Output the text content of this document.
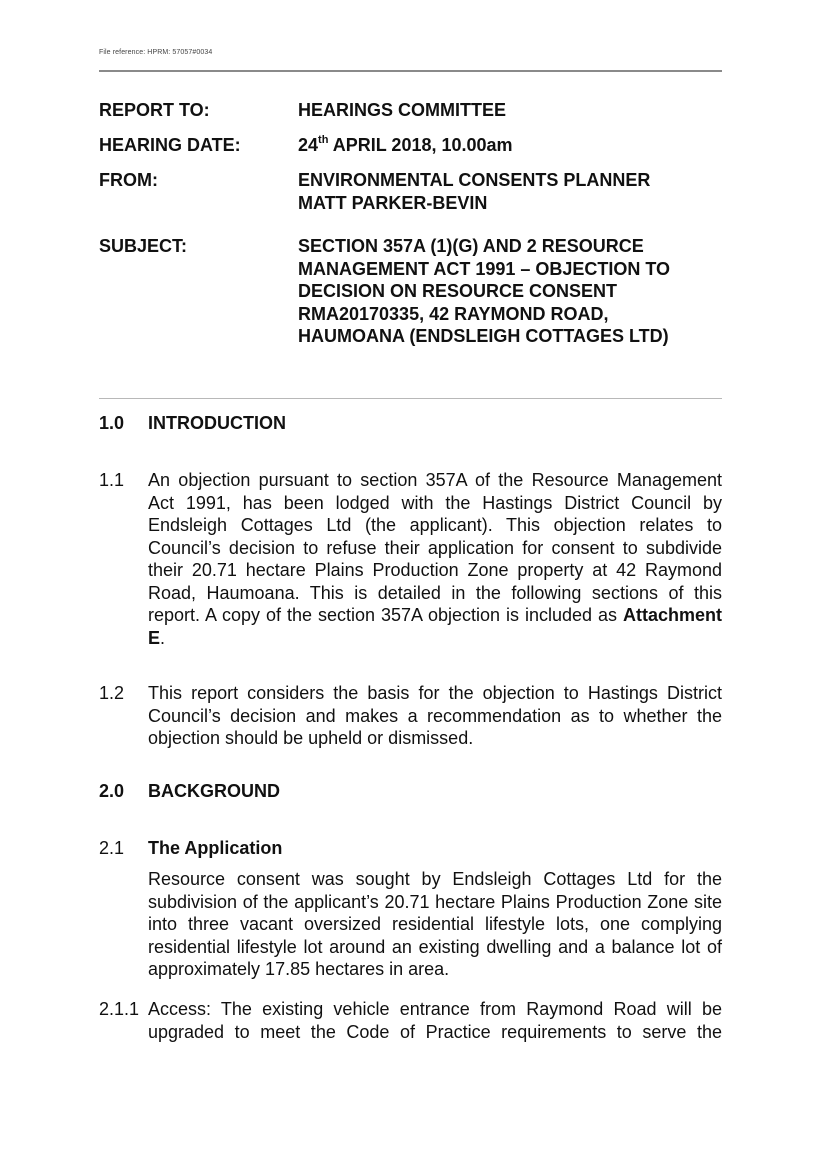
File reference: HPRM: 57057#0034
REPORT TO:	HEARINGS COMMITTEE
HEARING DATE:	24th APRIL 2018, 10.00am
FROM:	ENVIRONMENTAL CONSENTS PLANNER
MATT PARKER-BEVIN
SUBJECT:	SECTION 357A (1)(G) AND 2 RESOURCE MANAGEMENT ACT 1991 – OBJECTION TO DECISION ON RESOURCE CONSENT RMA20170335, 42 RAYMOND ROAD, HAUMOANA (ENDSLEIGH COTTAGES LTD)
1.0 INTRODUCTION
1.1 An objection pursuant to section 357A of the Resource Management Act 1991, has been lodged with the Hastings District Council by Endsleigh Cottages Ltd (the applicant). This objection relates to Council’s decision to refuse their application for consent to subdivide their 20.71 hectare Plains Production Zone property at 42 Raymond Road, Haumoana. This is detailed in the following sections of this report. A copy of the section 357A objection is included as Attachment E.
1.2 This report considers the basis for the objection to Hastings District Council’s decision and makes a recommendation as to whether the objection should be upheld or dismissed.
2.0 BACKGROUND
2.1 The Application
Resource consent was sought by Endsleigh Cottages Ltd for the subdivision of the applicant’s 20.71 hectare Plains Production Zone site into three vacant oversized residential lifestyle lots, one complying residential lifestyle lot around an existing dwelling and a balance lot of approximately 17.85 hectares in area.
2.1.1 Access: The existing vehicle entrance from Raymond Road will be upgraded to meet the Code of Practice requirements to serve the
